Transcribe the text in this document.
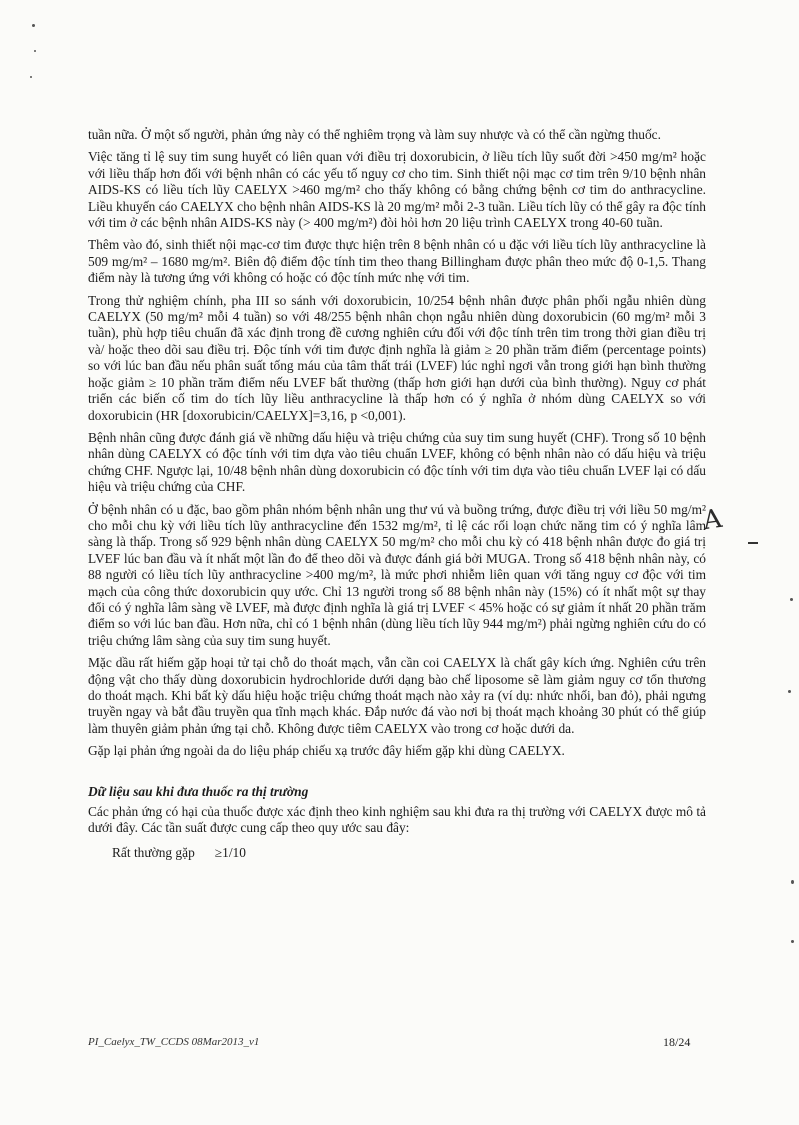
tuần nữa. Ở một số người, phản ứng này có thể nghiêm trọng và làm suy nhược và có thể cần ngừng thuốc.

Việc tăng tỉ lệ suy tim sung huyết có liên quan với điều trị doxorubicin, ở liều tích lũy suốt đời >450 mg/m² hoặc với liều thấp hơn đối với bệnh nhân có các yếu tố nguy cơ cho tim. Sinh thiết nội mạc cơ tim trên 9/10 bệnh nhân AIDS-KS có liều tích lũy CAELYX >460 mg/m² cho thấy không có bằng chứng bệnh cơ tim do anthracycline. Liều khuyến cáo CAELYX cho bệnh nhân AIDS-KS là 20 mg/m² mỗi 2-3 tuần. Liều tích lũy có thể gây ra độc tính với tim ở các bệnh nhân AIDS-KS này (> 400 mg/m²) đòi hỏi hơn 20 liệu trình CAELYX trong 40-60 tuần.

Thêm vào đó, sinh thiết nội mạc-cơ tim được thực hiện trên 8 bệnh nhân có u đặc với liều tích lũy anthracycline là 509 mg/m² – 1680 mg/m². Biên độ điểm độc tính tim theo thang Billingham được phân theo mức độ 0-1,5. Thang điểm này là tương ứng với không có hoặc có độc tính mức nhẹ với tim.

Trong thử nghiệm chính, pha III so sánh với doxorubicin, 10/254 bệnh nhân được phân phối ngẫu nhiên dùng CAELYX (50 mg/m² mỗi 4 tuần) so với 48/255 bệnh nhân chọn ngẫu nhiên dùng doxorubicin (60 mg/m² mỗi 3 tuần), phù hợp tiêu chuẩn đã xác định trong đề cương nghiên cứu đối với độc tính trên tim trong thời gian điều trị và/ hoặc theo dõi sau điều trị. Độc tính với tim được định nghĩa là giảm ≥ 20 phần trăm điểm (percentage points) so với lúc ban đầu nếu phân suất tống máu của tâm thất trái (LVEF) lúc nghỉ ngơi vẫn trong giới hạn bình thường hoặc giảm ≥ 10 phần trăm điểm nếu LVEF bất thường (thấp hơn giới hạn dưới của bình thường). Nguy cơ phát triển các biến cố tim do tích lũy liều anthracycline là thấp hơn có ý nghĩa ở nhóm dùng CAELYX so với doxorubicin (HR [doxorubicin/CAELYX]=3,16, p <0,001).

Bệnh nhân cũng được đánh giá về những dấu hiệu và triệu chứng của suy tim sung huyết (CHF). Trong số 10 bệnh nhân dùng CAELYX có độc tính với tim dựa vào tiêu chuẩn LVEF, không có bệnh nhân nào có dấu hiệu và triệu chứng CHF. Ngược lại, 10/48 bệnh nhân dùng doxorubicin có độc tính với tim dựa vào tiêu chuẩn LVEF lại có dấu hiệu và triệu chứng của CHF.

Ở bệnh nhân có u đặc, bao gồm phân nhóm bệnh nhân ung thư vú và buồng trứng, được điều trị với liều 50 mg/m² cho mỗi chu kỳ với liều tích lũy anthracycline đến 1532 mg/m², tỉ lệ các rối loạn chức năng tim có ý nghĩa lâm sàng là thấp. Trong số 929 bệnh nhân dùng CAELYX 50 mg/m² cho mỗi chu kỳ có 418 bệnh nhân được đo giá trị LVEF lúc ban đầu và ít nhất một lần đo để theo dõi và được đánh giá bởi MUGA. Trong số 418 bệnh nhân này, có 88 người có liều tích lũy anthracycline >400 mg/m², là mức phơi nhiễm liên quan với tăng nguy cơ độc với tim mạch của công thức doxorubicin quy ước. Chỉ 13 người trong số 88 bệnh nhân này (15%) có ít nhất một sự thay đổi có ý nghĩa lâm sàng về LVEF, mà được định nghĩa là giá trị LVEF < 45% hoặc có sự giảm ít nhất 20 phần trăm điểm so với lúc ban đầu. Hơn nữa, chỉ có 1 bệnh nhân (dùng liều tích lũy 944 mg/m²) phải ngừng nghiên cứu do có triệu chứng lâm sàng của suy tim sung huyết.

Mặc dầu rất hiếm gặp hoại tử tại chỗ do thoát mạch, vẫn cần coi CAELYX là chất gây kích ứng. Nghiên cứu trên động vật cho thấy dùng doxorubicin hydrochloride dưới dạng bào chế liposome sẽ làm giảm nguy cơ tổn thương do thoát mạch. Khi bất kỳ dấu hiệu hoặc triệu chứng thoát mạch nào xảy ra (ví dụ: nhức nhối, ban đỏ), phải ngưng truyền ngay và bắt đầu truyền qua tĩnh mạch khác. Đắp nước đá vào nơi bị thoát mạch khoảng 30 phút có thể giúp làm thuyên giảm phản ứng tại chỗ. Không được tiêm CAELYX vào trong cơ hoặc dưới da.

Gặp lại phản ứng ngoài da do liệu pháp chiếu xạ trước đây hiếm gặp khi dùng CAELYX.

Dữ liệu sau khi đưa thuốc ra thị trường

Các phản ứng có hại của thuốc được xác định theo kinh nghiệm sau khi đưa ra thị trường với CAELYX được mô tả dưới đây. Các tần suất được cung cấp theo quy ước sau đây:

Rất thường gặp ≥1/10
A
PI_Caelyx_TW_CCDS 08Mar2013_v1	18/24
